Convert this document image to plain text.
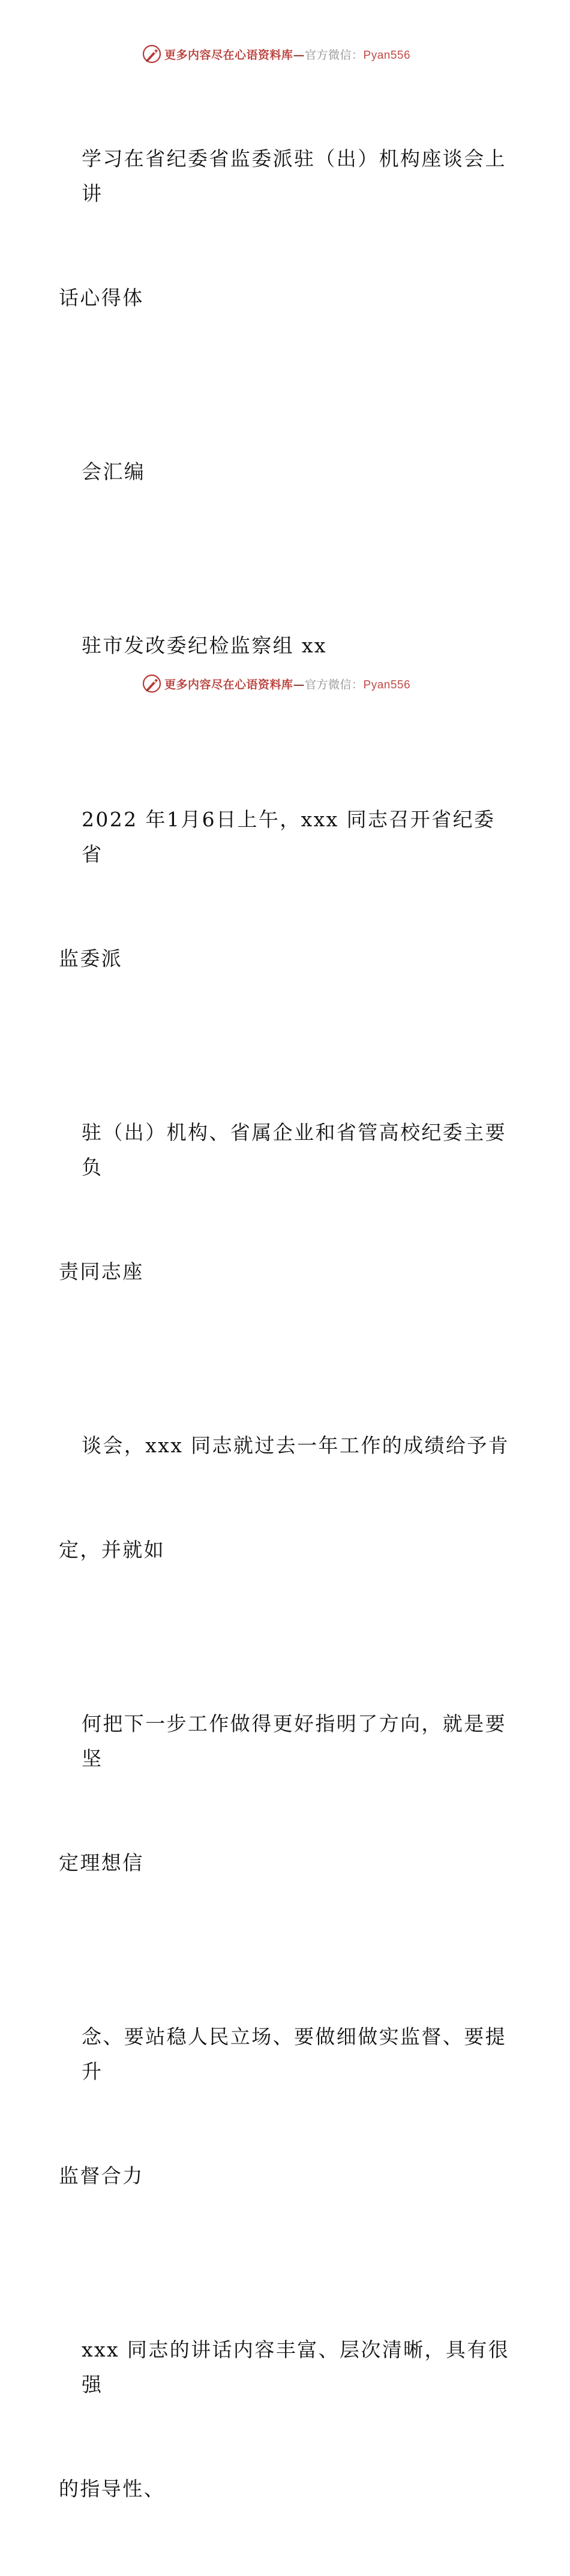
更多内容尽在心语资料库—官方微信：Pyan556

学习在省纪委省监委派驻（出）机构座谈会上讲

话心得体

会汇编

驻市发改委纪检监察组 xx

2022 年1月6日上午，xxx 同志召开省纪委省

监委派

驻（出）机构、省属企业和省管高校纪委主要负

责同志座

谈会，xxx 同志就过去一年工作的成绩给予肯

定，并就如

何把下一步工作做得更好指明了方向，就是要坚

定理想信

念、要站稳人民立场、要做细做实监督、要提升

监督合力

xxx 同志的讲话内容丰富、层次清晰，具有很强

的指导性、

更多内容尽在心语资料库—官方微信：Pyan556
